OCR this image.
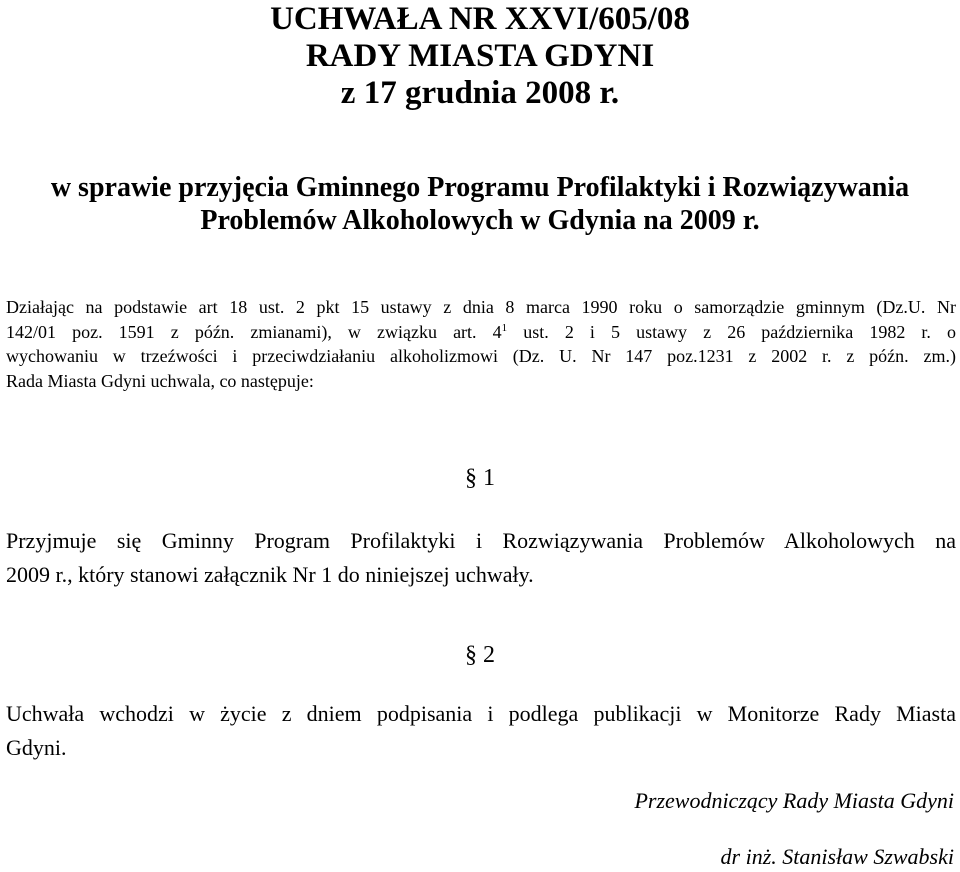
UCHWAŁA NR XXVI/605/08
RADY MIASTA GDYNI
z 17 grudnia 2008 r.
w sprawie przyjęcia Gminnego Programu Profilaktyki i Rozwiązywania
Problemów Alkoholowych w Gdynia na 2009 r.
Działając na podstawie art 18 ust. 2 pkt 15 ustawy z dnia 8 marca 1990 roku o samorządzie gminnym (Dz.U. Nr
142/01 poz. 1591 z późn. zmianami), w związku art. $4^1$ ust. 2 i 5 ustawy z 26 października 1982 r. o
wychowaniu w trzeźwości i przeciwdziałaniu alkoholizmowi (Dz. U. Nr 147 poz.1231 z 2002 r. z późn. zm.)
Rada Miasta Gdyni uchwala, co następuje:
§ 1
Przyjmuje się Gminny Program Profilaktyki i Rozwiązywania Problemów Alkoholowych na
2009 r., który stanowi załącznik Nr 1 do niniejszej uchwały.
§ 2
Uchwała wchodzi w życie z dniem podpisania i podlega publikacji w Monitorze Rady Miasta
Gdyni.
Przewodniczący Rady Miasta Gdyni
dr inż. Stanisław Szwabski
